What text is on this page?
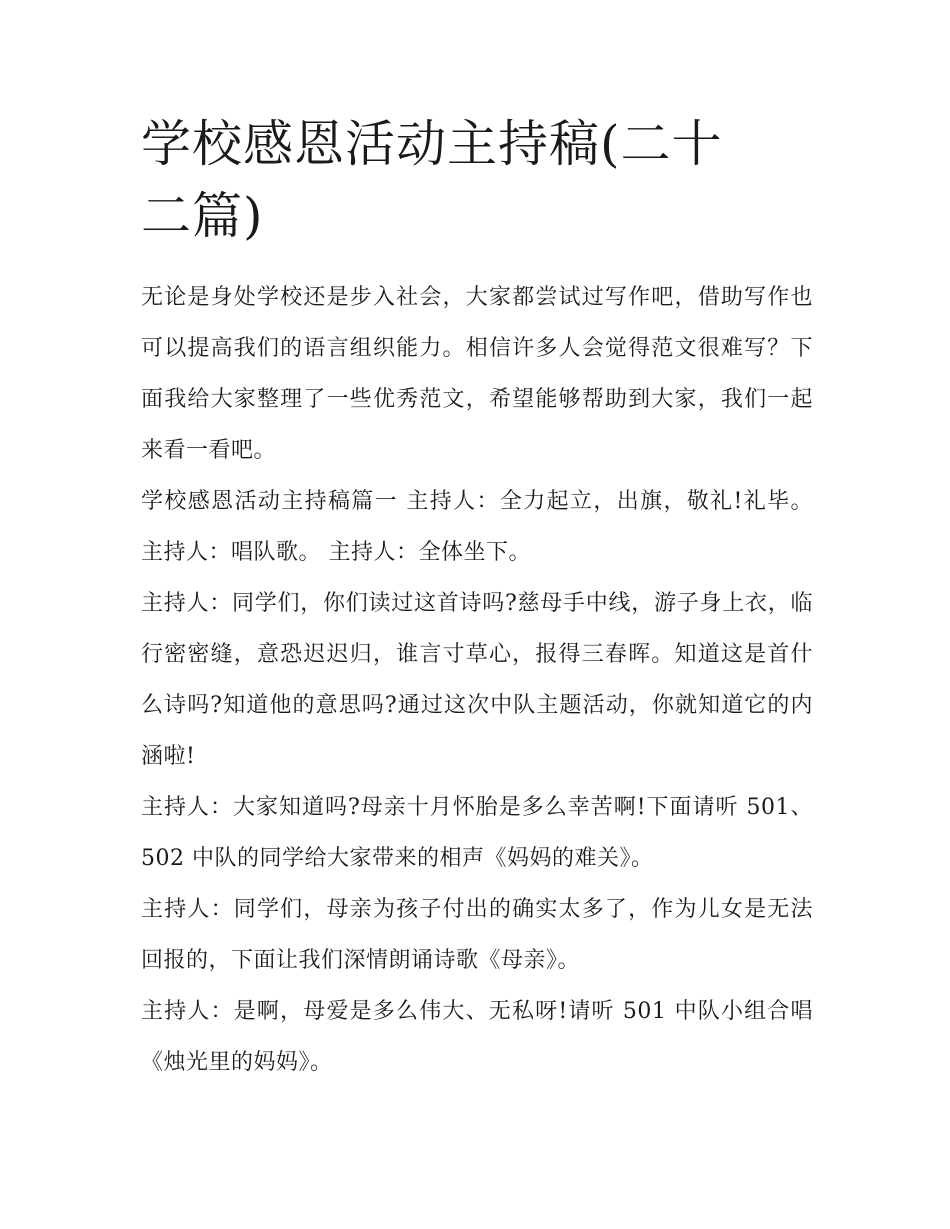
学校感恩活动主持稿(二十二篇)

无论是身处学校还是步入社会，大家都尝试过写作吧，借助写作也可以提高我们的语言组织能力。相信许多人会觉得范文很难写？下面我给大家整理了一些优秀范文，希望能够帮助到大家，我们一起来看一看吧。

学校感恩活动主持稿篇一 主持人：全力起立，出旗，敬礼!礼毕。 主持人：唱队歌。 主持人：全体坐下。

主持人：同学们，你们读过这首诗吗?慈母手中线，游子身上衣，临行密密缝，意恐迟迟归，谁言寸草心，报得三春晖。知道这是首什么诗吗?知道他的意思吗?通过这次中队主题活动，你就知道它的内涵啦!

主持人：大家知道吗?母亲十月怀胎是多么幸苦啊!下面请听 501、502 中队的同学给大家带来的相声《妈妈的难关》。

主持人：同学们，母亲为孩子付出的确实太多了，作为儿女是无法回报的，下面让我们深情朗诵诗歌《母亲》。

主持人：是啊，母爱是多么伟大、无私呀!请听 501 中队小组合唱《烛光里的妈妈》。
